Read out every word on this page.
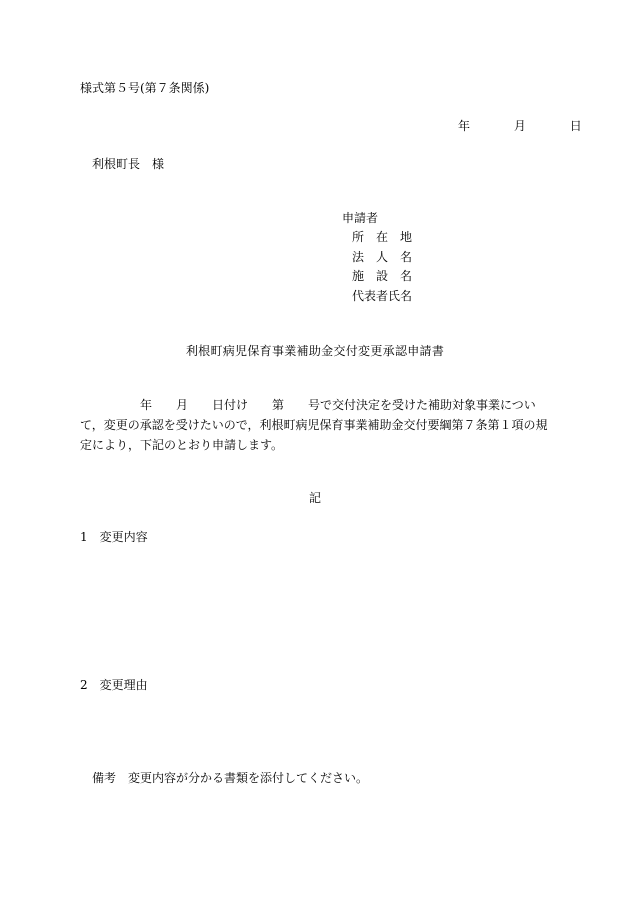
様式第５号(第７条関係)
年	月	日
利根町長　様
申請者
所　在　地
法　人　名
施　設　名
代表者氏名
利根町病児保育事業補助金交付変更承認申請書
　　　　　年　　月　　日付け　　第　　号で交付決定を受けた補助対象事業について，変更の承認を受けたいので，利根町病児保育事業補助金交付要綱第７条第１項の規定により，下記のとおり申請します。
記
1　変更内容
2　変更理由
備考　変更内容が分かる書類を添付してください。
